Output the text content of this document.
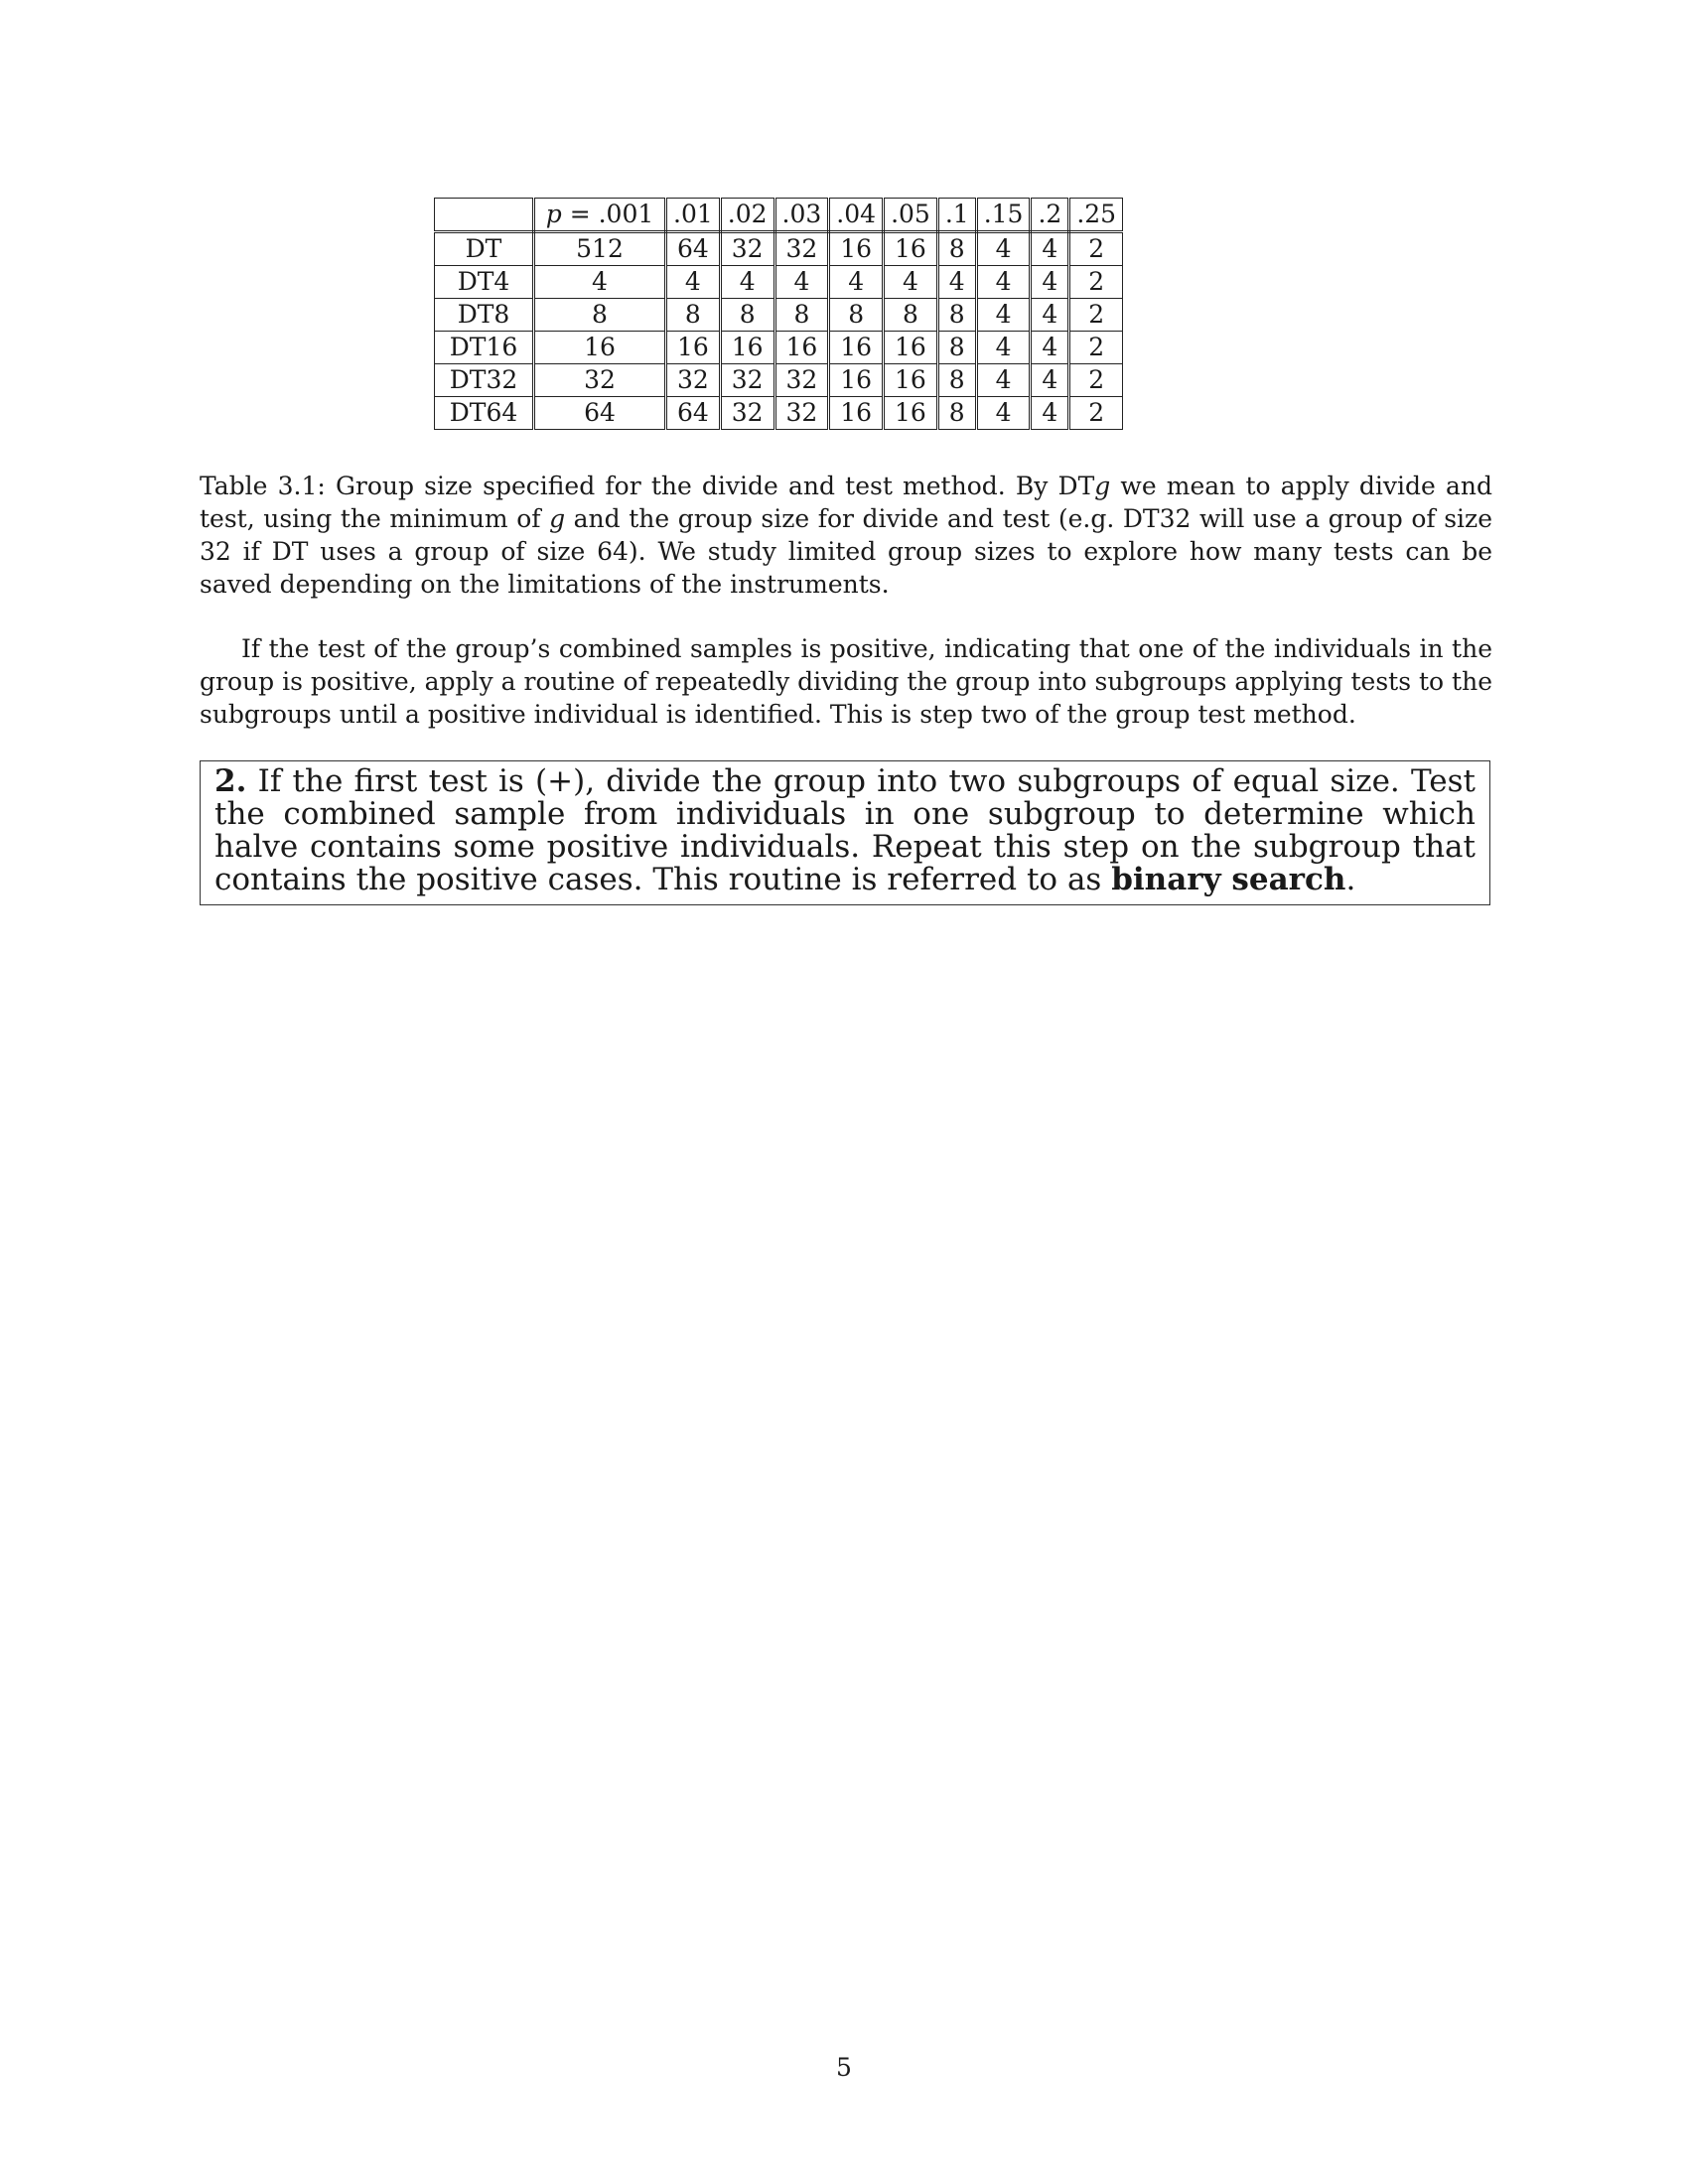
	p = .001	.01	.02	.03	.04	.05	.1	.15	.2	.25
DT	512	64	32	32	16	16	8	4	4	2
DT4	4	4	4	4	4	4	4	4	4	2
DT8	8	8	8	8	8	8	8	4	4	2
DT16	16	16	16	16	16	16	8	4	4	2
DT32	32	32	32	32	16	16	8	4	4	2
DT64	64	64	32	32	16	16	8	4	4	2

Table 3.1: Group size specified for the divide and test method. By DTg we mean to apply divide and test, using the minimum of g and the group size for divide and test (e.g. DT32 will use a group of size 32 if DT uses a group of size 64). We study limited group sizes to explore how many tests can be saved depending on the limitations of the instruments.

If the test of the group’s combined samples is positive, indicating that one of the individuals in the group is positive, apply a routine of repeatedly dividing the group into subgroups applying tests to the subgroups until a positive individual is identified. This is step two of the group test method.

2. If the first test is (+), divide the group into two subgroups of equal size. Test the combined sample from individuals in one subgroup to determine which halve contains some positive individuals. Repeat this step on the subgroup that contains the positive cases. This routine is referred to as binary search.
5
